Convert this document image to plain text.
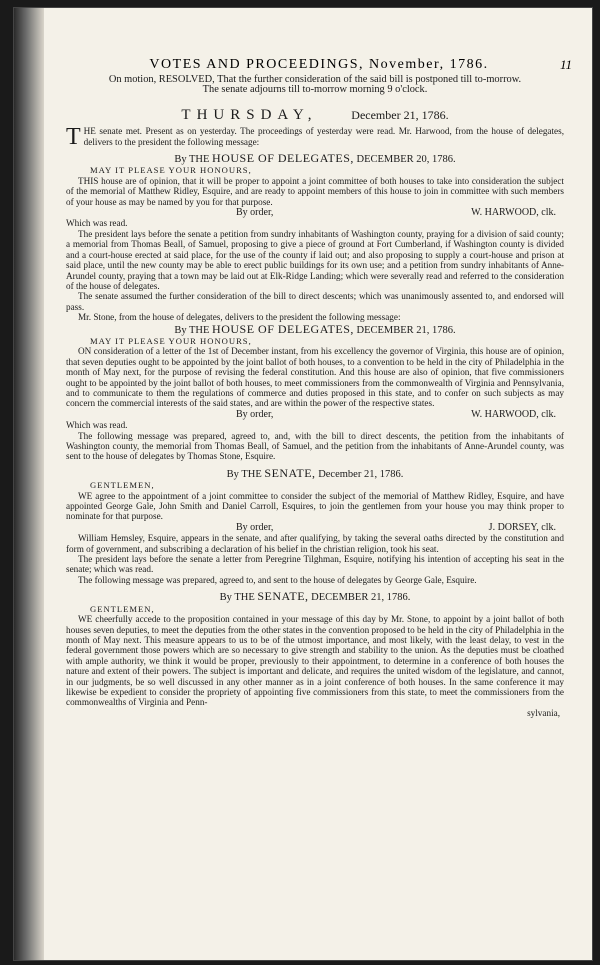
VOTES AND PROCEEDINGS, November, 1786.	11

On motion, RESOLVED, That the further consideration of the said bill is postponed till to-morrow.

The senate adjourns till to-morrow morning 9 o'clock.

THURSDAY,	December 21, 1786.

T HE senate met. Present as on yesterday. The proceedings of yesterday were read. Mr. Harwood, from the house of delegates, delivers to the president the following message:

By THE HOUSE OF DELEGATES, DECEMBER 20, 1786.

MAY IT PLEASE YOUR HONOURS,

THIS house are of opinion, that it will be proper to appoint a joint committee of both houses to take into consideration the subject of the memorial of Matthew Ridley, Esquire, and are ready to appoint members of this house to join in committee with such members of your house as may be named by you for that purpose.

By order,	W. HARWOOD, clk.

Which was read.

The president lays before the senate a petition from sundry inhabitants of Washington county, praying for a division of said county; a memorial from Thomas Beall, of Samuel, proposing to give a piece of ground at Fort Cumberland, if Washington county is divided and a court-house erected at said place, for the use of the county if laid out; and also proposing to supply a court-house and prison at said place, until the new county may be able to erect public buildings for its own use; and a petition from sundry inhabitants of Anne-Arundel county, praying that a town may be laid out at Elk-Ridge Landing; which were severally read and referred to the consideration of the house of delegates.

The senate assumed the further consideration of the bill to direct descents; which was unanimously assented to, and endorsed will pass.

Mr. Stone, from the house of delegates, delivers to the president the following message:

By THE HOUSE OF DELEGATES, DECEMBER 21, 1786.

MAY IT PLEASE YOUR HONOURS,

ON consideration of a letter of the 1st of December instant, from his excellency the governor of Virginia, this house are of opinion, that seven deputies ought to be appointed by the joint ballot of both houses, to a convention to be held in the city of Philadelphia in the month of May next, for the purpose of revising the federal constitution. And this house are also of opinion, that five commissioners ought to be appointed by the joint ballot of both houses, to meet commissioners from the commonwealth of Virginia and Pennsylvania, and to communicate to them the regulations of commerce and duties proposed in this state, and to confer on such subjects as may concern the commercial interests of the said states, and are within the power of the respective states.

By order,	W. HARWOOD, clk.

Which was read.

The following message was prepared, agreed to, and, with the bill to direct descents, the petition from the inhabitants of Washington county, the memorial from Thomas Beall, of Samuel, and the petition from the inhabitants of Anne-Arundel county, was sent to the house of delegates by Thomas Stone, Esquire.

By THE SENATE, December 21, 1786.

GENTLEMEN,

WE agree to the appointment of a joint committee to consider the subject of the memorial of Matthew Ridley, Esquire, and have appointed George Gale, John Smith and Daniel Carroll, Esquires, to join the gentlemen from your house you may think proper to nominate for that purpose.

By order,	J. DORSEY, clk.

William Hemsley, Esquire, appears in the senate, and after qualifying, by taking the several oaths directed by the constitution and form of government, and subscribing a declaration of his belief in the christian religion, took his seat.

The president lays before the senate a letter from Peregrine Tilghman, Esquire, notifying his intention of accepting his seat in the senate; which was read.

The following message was prepared, agreed to, and sent to the house of delegates by George Gale, Esquire.

By THE SENATE, DECEMBER 21, 1786.

GENTLEMEN,

WE cheerfully accede to the proposition contained in your message of this day by Mr. Stone, to appoint by a joint ballot of both houses seven deputies, to meet the deputies from the other states in the convention proposed to be held in the city of Philadelphia in the month of May next. This measure appears to us to be of the utmost importance, and most likely, with the least delay, to vest in the federal government those powers which are so necessary to give strength and stability to the union. As the deputies must be cloathed with ample authority, we think it would be proper, previously to their appointment, to determine in a conference of both houses the nature and extent of their powers. The subject is important and delicate, and requires the united wisdom of the legislature, and cannot, in our judgments, be so well discussed in any other manner as in a joint conference of both houses. In the same conference it may likewise be expedient to consider the propriety of appointing five commissioners from this state, to meet the commissioners from the commonwealths of Virginia and Penn-

sylvania,
